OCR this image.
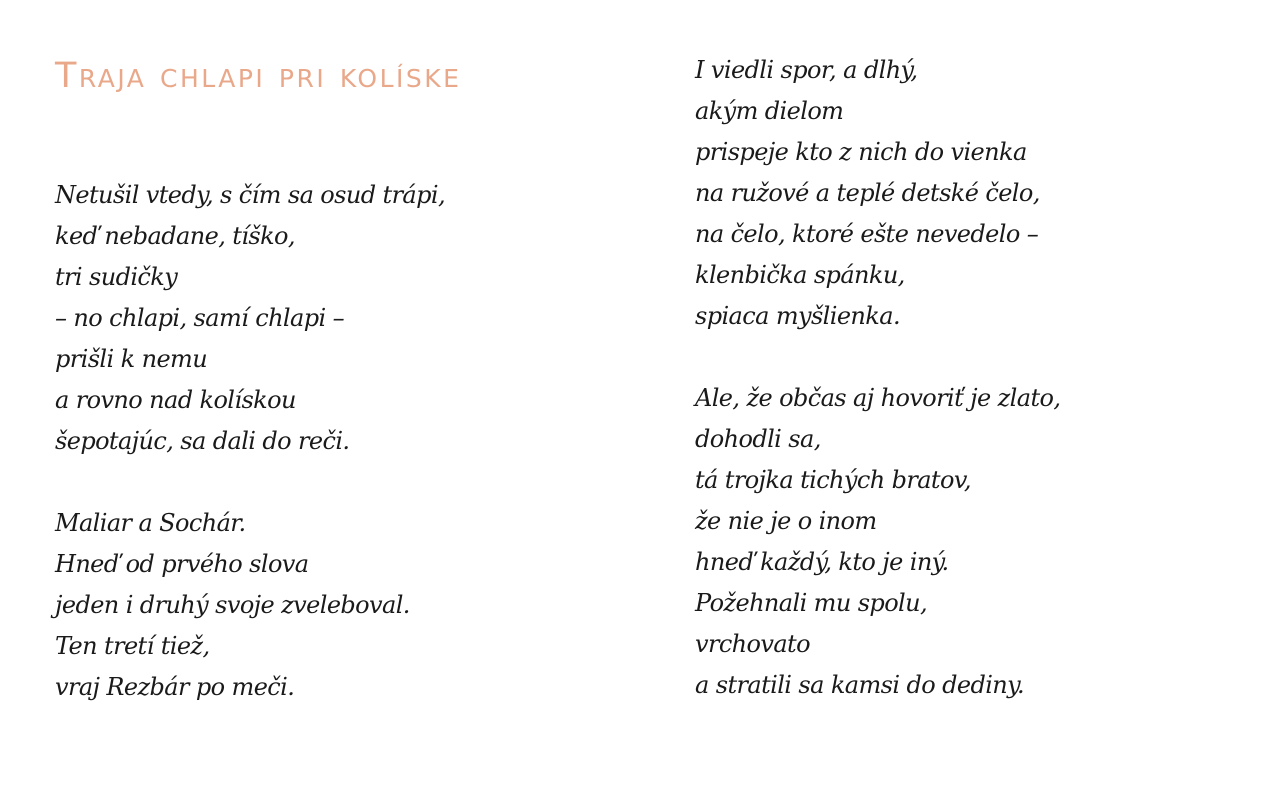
Traja chlapi pri kolíske
Netušil vtedy, s čím sa osud trápi,
keď nebadane, tíško,
tri sudičky
– no chlapi, samí chlapi –
prišli k nemu
a rovno nad kolískou
šepotajúc, sa dali do reči.
Maliar a Sochár.
Hneď od prvého slova
jeden i druhý svoje zveleboval.
Ten tretí tiež,
vraj Rezbár po meči.
I viedli spor, a dlhý,
akým dielom
prispeje kto z nich do vienka
na ružové a teplé detské čelo,
na čelo, ktoré ešte nevedelo –
klenbička spánku,
spiaca myšlienka.
Ale, že občas aj hovoriť je zlato,
dohodli sa,
tá trojka tichých bratov,
že nie je o inom
hneď každý, kto je iný.
Požehnali mu spolu,
vrchovato
a stratili sa kamsi do dediny.
